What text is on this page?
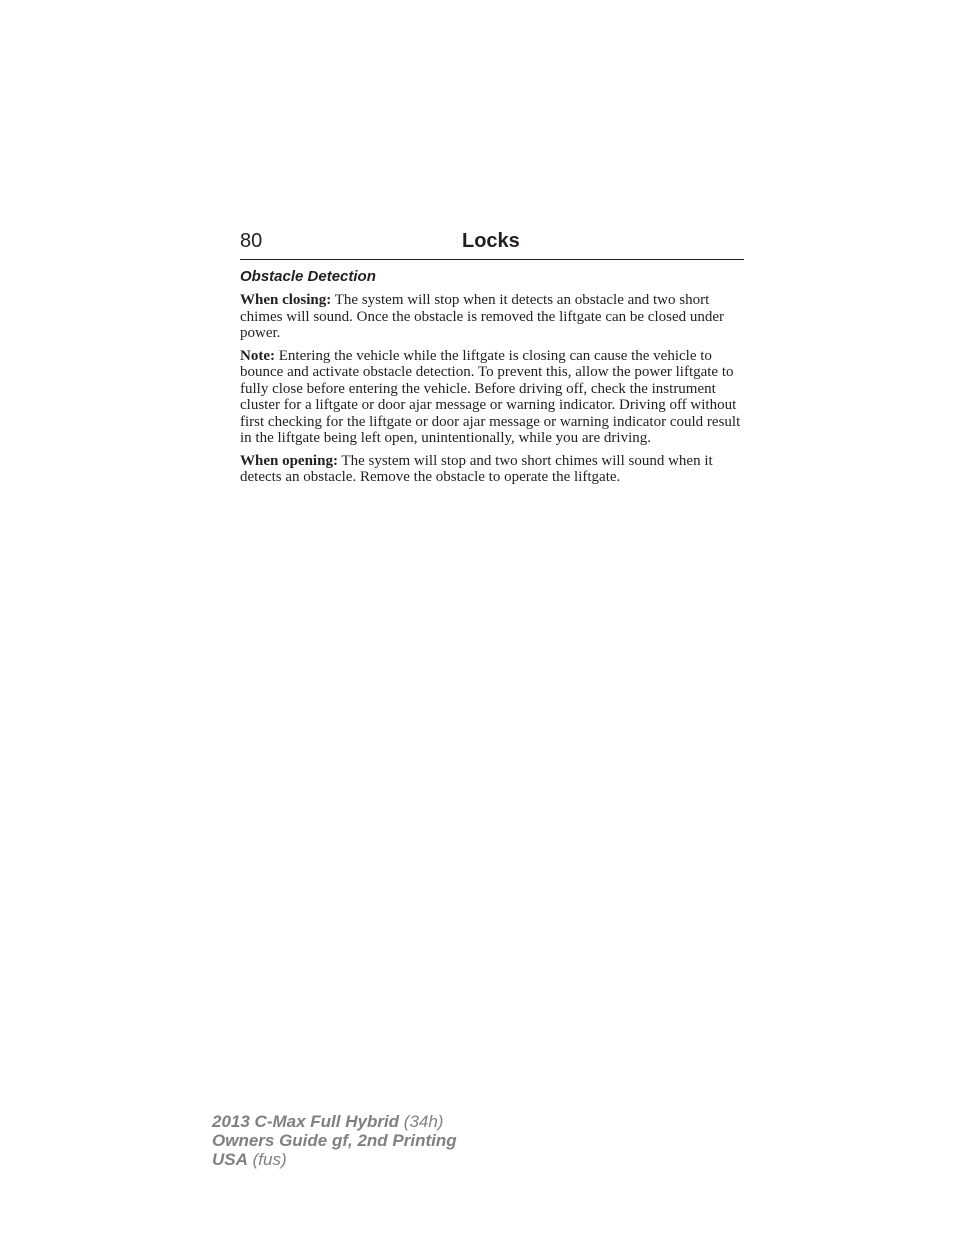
80	Locks
Obstacle Detection

When closing: The system will stop when it detects an obstacle and two short chimes will sound. Once the obstacle is removed the liftgate can be closed under power.

Note: Entering the vehicle while the liftgate is closing can cause the vehicle to bounce and activate obstacle detection. To prevent this, allow the power liftgate to fully close before entering the vehicle. Before driving off, check the instrument cluster for a liftgate or door ajar message or warning indicator. Driving off without first checking for the liftgate or door ajar message or warning indicator could result in the liftgate being left open, unintentionally, while you are driving.

When opening: The system will stop and two short chimes will sound when it detects an obstacle. Remove the obstacle to operate the liftgate.

2013 C-Max Full Hybrid (34h)
Owners Guide gf, 2nd Printing
USA (fus)
